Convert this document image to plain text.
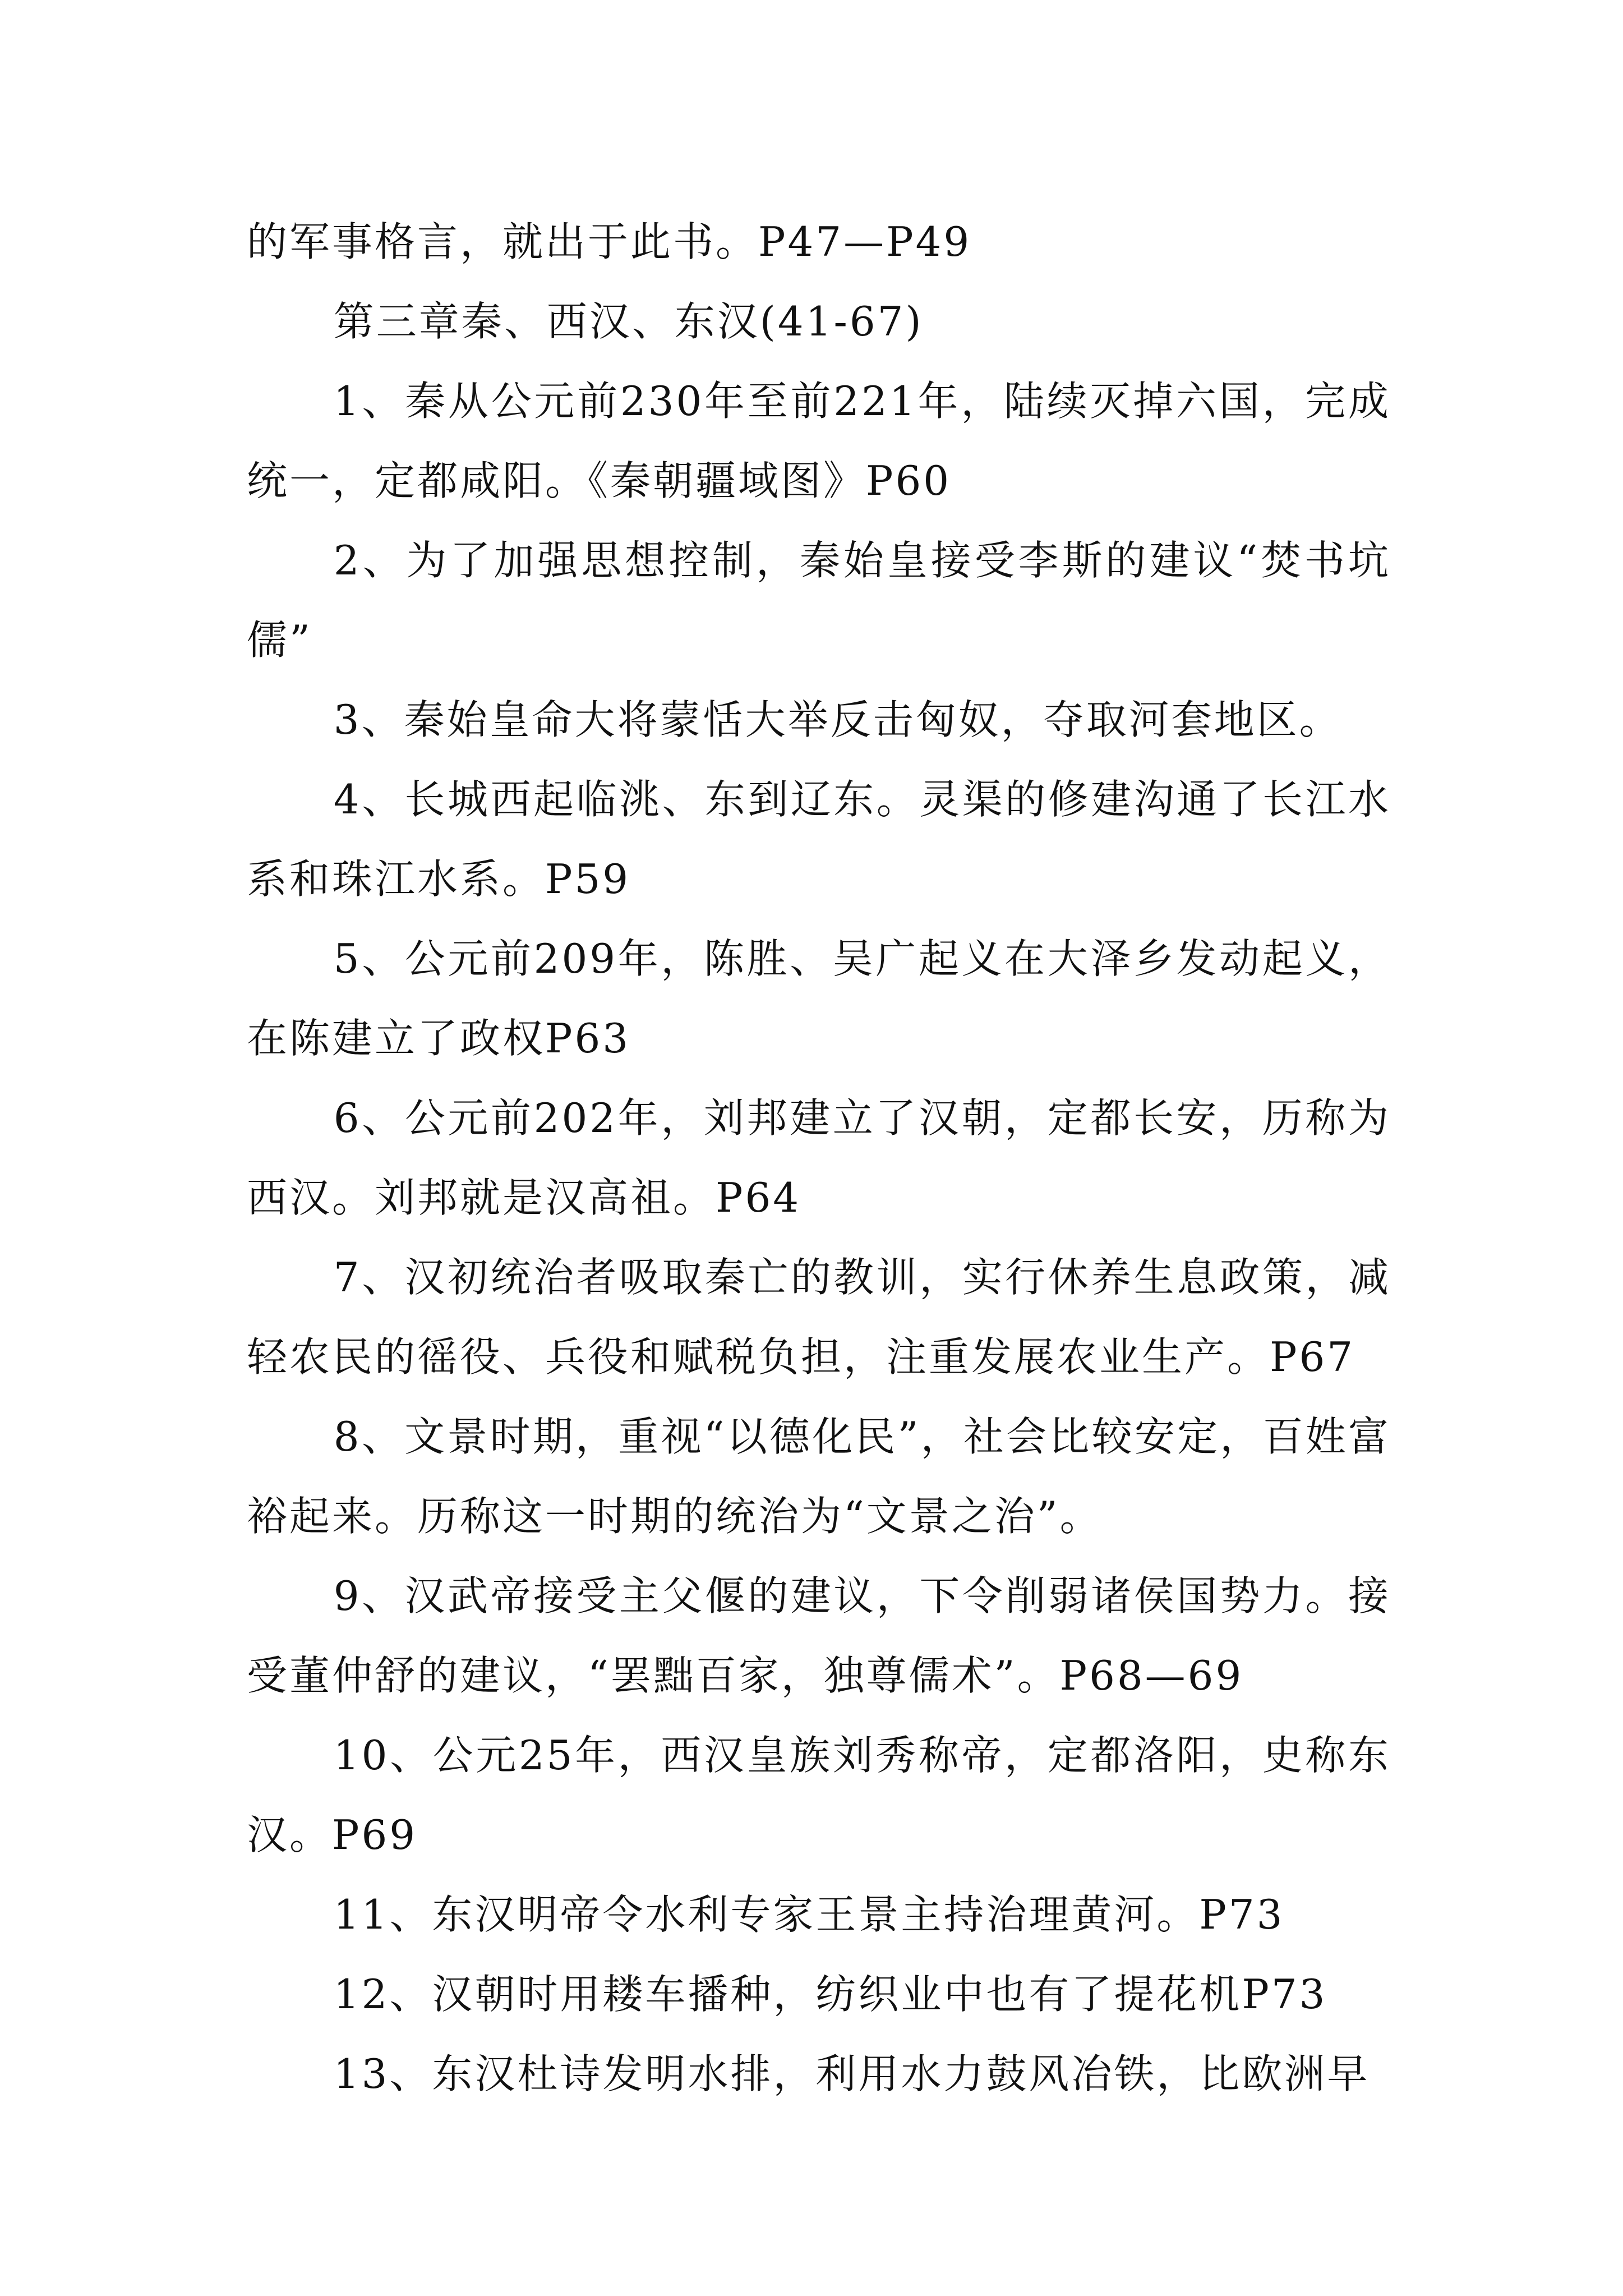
的军事格言，就出于此书。P47—P49

第三章秦、西汉、东汉(41-67)

1、秦从公元前230年至前221年，陆续灭掉六国，完成统一，定都咸阳。《秦朝疆域图》P60

2、为了加强思想控制，秦始皇接受李斯的建议“焚书坑儒”

3、秦始皇命大将蒙恬大举反击匈奴，夺取河套地区。

4、长城西起临洮、东到辽东。灵渠的修建沟通了长江水系和珠江水系。P59

5、公元前209年，陈胜、吴广起义在大泽乡发动起义，在陈建立了政权P63

6、公元前202年，刘邦建立了汉朝，定都长安，历称为西汉。刘邦就是汉高祖。P64

7、汉初统治者吸取秦亡的教训，实行休养生息政策，减轻农民的徭役、兵役和赋税负担，注重发展农业生产。P67

8、文景时期，重视“以德化民”，社会比较安定，百姓富裕起来。历称这一时期的统治为“文景之治”。

9、汉武帝接受主父偃的建议，下令削弱诸侯国势力。接受董仲舒的建议，“罢黜百家，独尊儒术”。P68—69

10、公元25年，西汉皇族刘秀称帝，定都洛阳，史称东汉。P69

11、东汉明帝令水利专家王景主持治理黄河。P73

12、汉朝时用耧车播种，纺织业中也有了提花机P73

13、东汉杜诗发明水排，利用水力鼓风冶铁，比欧洲早
